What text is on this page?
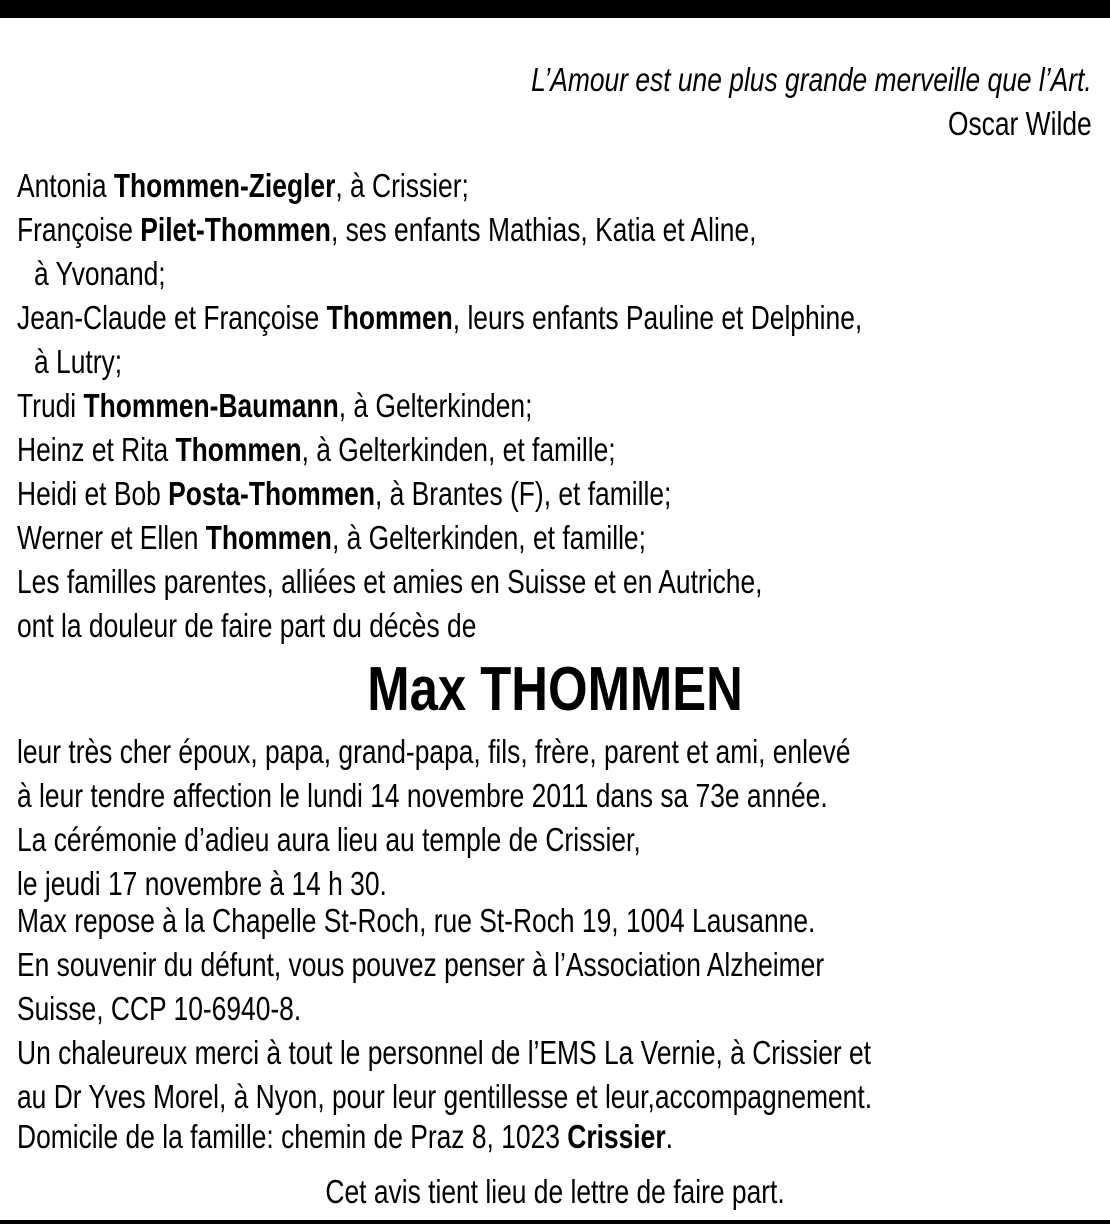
L’Amour est une plus grande merveille que l’Art.
Oscar Wilde
Antonia Thommen-Ziegler, à Crissier;
Françoise Pilet-Thommen, ses enfants Mathias, Katia et Aline,
à Yvonand;
Jean-Claude et Françoise Thommen, leurs enfants Pauline et Delphine,
à Lutry;
Trudi Thommen-Baumann, à Gelterkinden;
Heinz et Rita Thommen, à Gelterkinden, et famille;
Heidi et Bob Posta-Thommen, à Brantes (F), et famille;
Werner et Ellen Thommen, à Gelterkinden, et famille;
Les familles parentes, alliées et amies en Suisse et en Autriche,
ont la douleur de faire part du décès de
Max THOMMEN
leur très cher époux, papa, grand-papa, fils, frère, parent et ami, enlevé
à leur tendre affection le lundi 14 novembre 2011 dans sa 73e année.
La cérémonie d’adieu aura lieu au temple de Crissier,
le jeudi 17 novembre à 14 h 30.
Max repose à la Chapelle St-Roch, rue St-Roch 19, 1004 Lausanne.
En souvenir du défunt, vous pouvez penser à l’Association Alzheimer
Suisse, CCP 10-6940-8.
Un chaleureux merci à tout le personnel de l’EMS La Vernie, à Crissier et
au Dr Yves Morel, à Nyon, pour leur gentillesse et leur,accompagnement.
Domicile de la famille: chemin de Praz 8, 1023 Crissier.
Cet avis tient lieu de lettre de faire part.
